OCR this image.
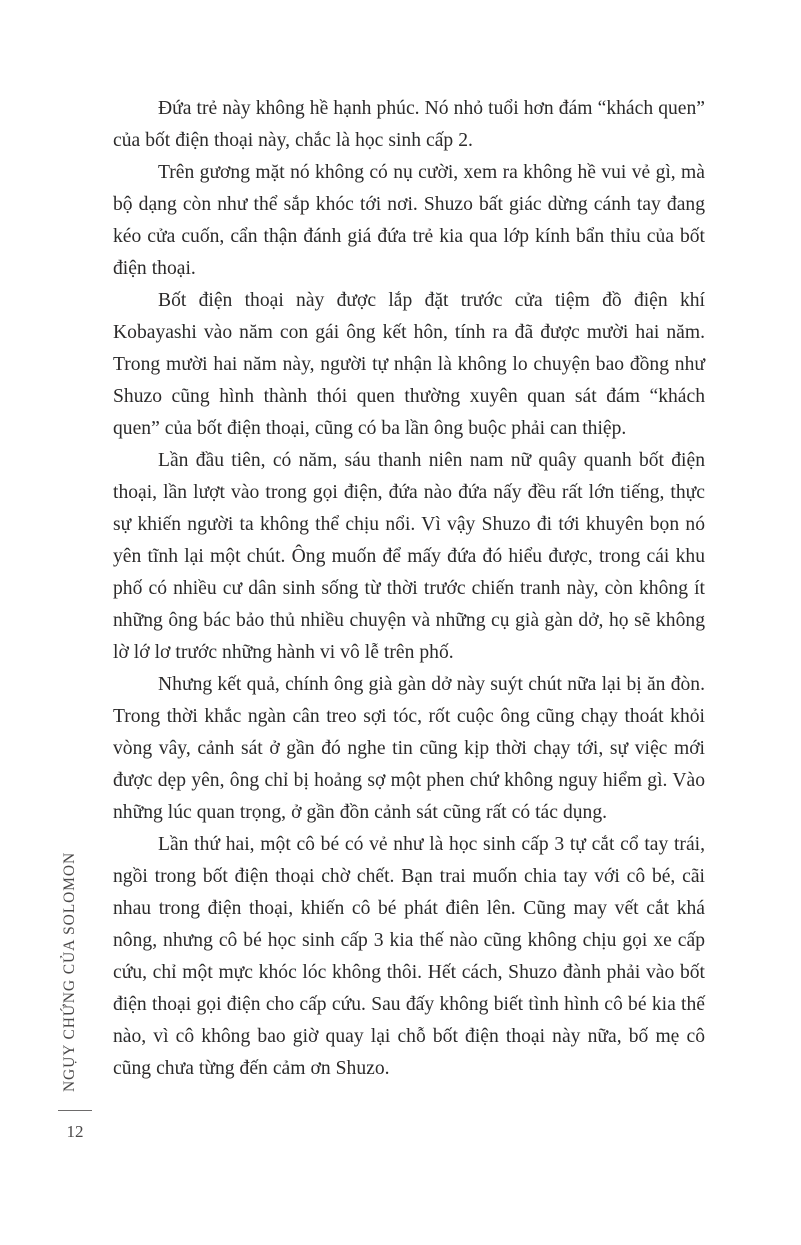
NGỤY CHỨNG CỦA SOLOMON
12

Đứa trẻ này không hề hạnh phúc. Nó nhỏ tuổi hơn đám “khách quen” của bốt điện thoại này, chắc là học sinh cấp 2.

Trên gương mặt nó không có nụ cười, xem ra không hề vui vẻ gì, mà bộ dạng còn như thể sắp khóc tới nơi. Shuzo bất giác dừng cánh tay đang kéo cửa cuốn, cẩn thận đánh giá đứa trẻ kia qua lớp kính bẩn thỉu của bốt điện thoại.

Bốt điện thoại này được lắp đặt trước cửa tiệm đồ điện khí Kobayashi vào năm con gái ông kết hôn, tính ra đã được mười hai năm. Trong mười hai năm này, người tự nhận là không lo chuyện bao đồng như Shuzo cũng hình thành thói quen thường xuyên quan sát đám “khách quen” của bốt điện thoại, cũng có ba lần ông buộc phải can thiệp.

Lần đầu tiên, có năm, sáu thanh niên nam nữ quây quanh bốt điện thoại, lần lượt vào trong gọi điện, đứa nào đứa nấy đều rất lớn tiếng, thực sự khiến người ta không thể chịu nổi. Vì vậy Shuzo đi tới khuyên bọn nó yên tĩnh lại một chút. Ông muốn để mấy đứa đó hiểu được, trong cái khu phố có nhiều cư dân sinh sống từ thời trước chiến tranh này, còn không ít những ông bác bảo thủ nhiều chuyện và những cụ già gàn dở, họ sẽ không lờ lớ lơ trước những hành vi vô lễ trên phố.

Nhưng kết quả, chính ông già gàn dở này suýt chút nữa lại bị ăn đòn. Trong thời khắc ngàn cân treo sợi tóc, rốt cuộc ông cũng chạy thoát khỏi vòng vây, cảnh sát ở gần đó nghe tin cũng kịp thời chạy tới, sự việc mới được dẹp yên, ông chỉ bị hoảng sợ một phen chứ không nguy hiểm gì. Vào những lúc quan trọng, ở gần đồn cảnh sát cũng rất có tác dụng.

Lần thứ hai, một cô bé có vẻ như là học sinh cấp 3 tự cắt cổ tay trái, ngồi trong bốt điện thoại chờ chết. Bạn trai muốn chia tay với cô bé, cãi nhau trong điện thoại, khiến cô bé phát điên lên. Cũng may vết cắt khá nông, nhưng cô bé học sinh cấp 3 kia thế nào cũng không chịu gọi xe cấp cứu, chỉ một mực khóc lóc không thôi. Hết cách, Shuzo đành phải vào bốt điện thoại gọi điện cho cấp cứu. Sau đấy không biết tình hình cô bé kia thế nào, vì cô không bao giờ quay lại chỗ bốt điện thoại này nữa, bố mẹ cô cũng chưa từng đến cảm ơn Shuzo.
